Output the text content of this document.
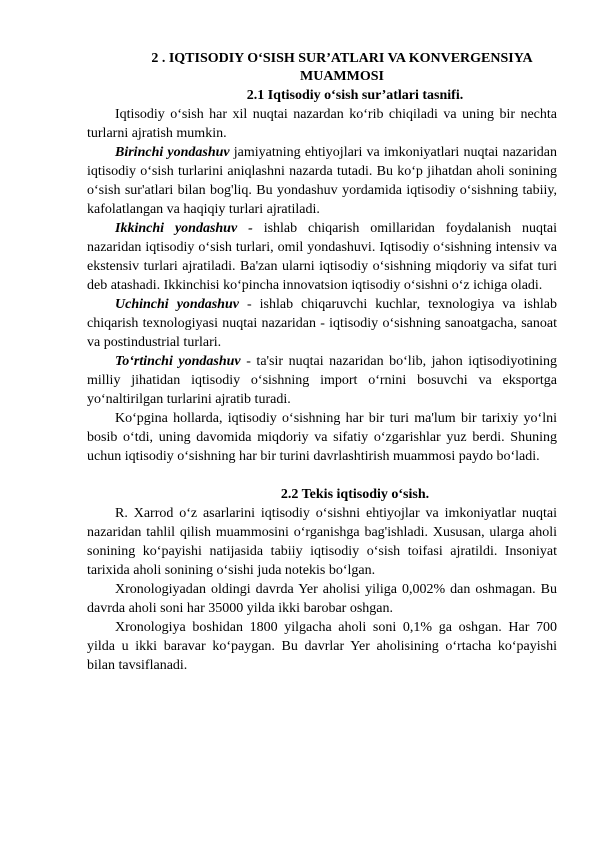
2 . IQTISODIY O‘SISH SUR’ATLARI VA KONVERGENSIYA
MUAMMOSI
2.1 Iqtisodiy o‘sish sur’atlari tasnifi.

Iqtisodiy o‘sish har xil nuqtai nazardan ko‘rib chiqiladi va uning bir nechta turlarni ajratish mumkin.

Birinchi yondashuv jamiyatning ehtiyojlari va imkoniyatlari nuqtai nazaridan iqtisodiy o‘sish turlarini aniqlashni nazarda tutadi. Bu ko‘p jihatdan aholi sonining o‘sish sur'atlari bilan bog'liq. Bu yondashuv yordamida iqtisodiy o‘sishning tabiiy, kafolatlangan va haqiqiy turlari ajratiladi.

Ikkinchi yondashuv - ishlab chiqarish omillaridan foydalanish nuqtai nazaridan iqtisodiy o‘sish turlari, omil yondashuvi. Iqtisodiy o‘sishning intensiv va ekstensiv turlari ajratiladi. Ba'zan ularni iqtisodiy o‘sishning miqdoriy va sifat turi deb atashadi. Ikkinchisi ko‘pincha innovatsion iqtisodiy o‘sishni o‘z ichiga oladi.

Uchinchi yondashuv - ishlab chiqaruvchi kuchlar, texnologiya va ishlab chiqarish texnologiyasi nuqtai nazaridan - iqtisodiy o‘sishning sanoatgacha, sanoat va postindustrial turlari.

To‘rtinchi yondashuv - ta'sir nuqtai nazaridan bo‘lib, jahon iqtisodiyotining milliy jihatidan iqtisodiy o‘sishning import o‘rnini bosuvchi va eksportga yo‘naltirilgan turlarini ajratib turadi.

Ko‘pgina hollarda, iqtisodiy o‘sishning har bir turi ma'lum bir tarixiy yo‘lni bosib o‘tdi, uning davomida miqdoriy va sifatiy o‘zgarishlar yuz berdi. Shuning uchun iqtisodiy o‘sishning har bir turini davrlashtirish muammosi paydo bo‘ladi.

2.2 Tekis iqtisodiy o‘sish.

R. Xarrod o‘z asarlarini iqtisodiy o‘sishni ehtiyojlar va imkoniyatlar nuqtai nazaridan tahlil qilish muammosini o‘rganishga bag'ishladi. Xususan, ularga aholi sonining ko‘payishi natijasida tabiiy iqtisodiy o‘sish toifasi ajratildi. Insoniyat tarixida aholi sonining o‘sishi juda notekis bo‘lgan.

Xronologiyadan oldingi davrda Yer aholisi yiliga 0,002% dan oshmagan. Bu davrda aholi soni har 35000 yilda ikki barobar oshgan.

Xronologiya boshidan 1800 yilgacha aholi soni 0,1% ga oshgan. Har 700 yilda u ikki baravar ko‘paygan. Bu davrlar Yer aholisining o‘rtacha ko‘payishi bilan tavsiflanadi.
